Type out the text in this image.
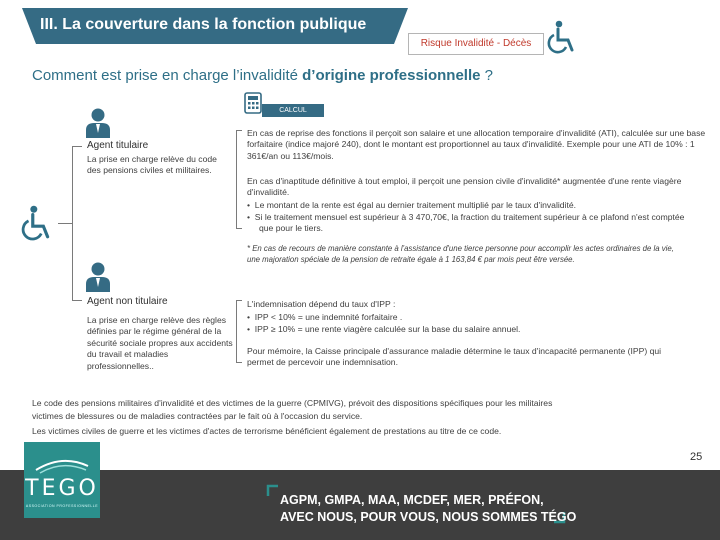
III. La couverture dans la fonction publique
Risque Invalidité - Décès
Comment est prise en charge l’invalidité d’origine professionnelle ?
CALCUL
Agent titulaire
La prise en charge relève du code des pensions civiles et militaires.
En cas de reprise des fonctions il perçoit son salaire et une allocation temporaire d'invalidité (ATI), calculée sur une base forfaitaire (indice majoré 240), dont le montant est proportionnel au taux d'invalidité. Exemple pour une ATI de 10% : 1 361€/an ou 113€/mois.
En cas d'inaptitude définitive à tout emploi, il perçoit une pension civile d'invalidité* augmentée d'une rente viagère d'invalidité.
•  Le montant de la rente est égal au dernier traitement multiplié par le taux d'invalidité.
•  Si le traitement mensuel est supérieur à 3 470,70€, la fraction du traitement supérieur à ce plafond n'est comptée que pour le tiers.
* En cas de recours de manière constante à l'assistance d'une tierce personne pour accomplir les actes ordinaires de la vie, une majoration spéciale de la pension de retraite égale à 1 163,84 € par mois peut être versée.
Agent non titulaire
La prise en charge relève des règles définies par le régime général de la sécurité sociale propres aux accidents du travail et maladies professionnelles..
L'indemnisation dépend du taux d'IPP :
•  IPP < 10% = une indemnité forfaitaire .
•  IPP ≥ 10% = une rente viagère calculée sur la base du salaire annuel.
Pour mémoire, la Caisse principale d'assurance maladie détermine le taux d'incapacité permanente (IPP) qui permet de percevoir une indemnisation.
Le code des pensions militaires d'invalidité et des victimes de la guerre (CPMIVG), prévoit des dispositions spécifiques pour les militaires
victimes de blessures ou de maladies contractées par le fait où à l'occasion du service.
Les victimes civiles de guerre et les victimes d'actes de terrorisme bénéficient également de prestations au titre de ce code.
25
TEGO
ASSOCIATION PROFESSIONNELLE	AGPM, GMPA, MAA, MCDEF, MER, PRÉFON,
AVEC NOUS, POUR VOUS, NOUS SOMMES TÉGO
